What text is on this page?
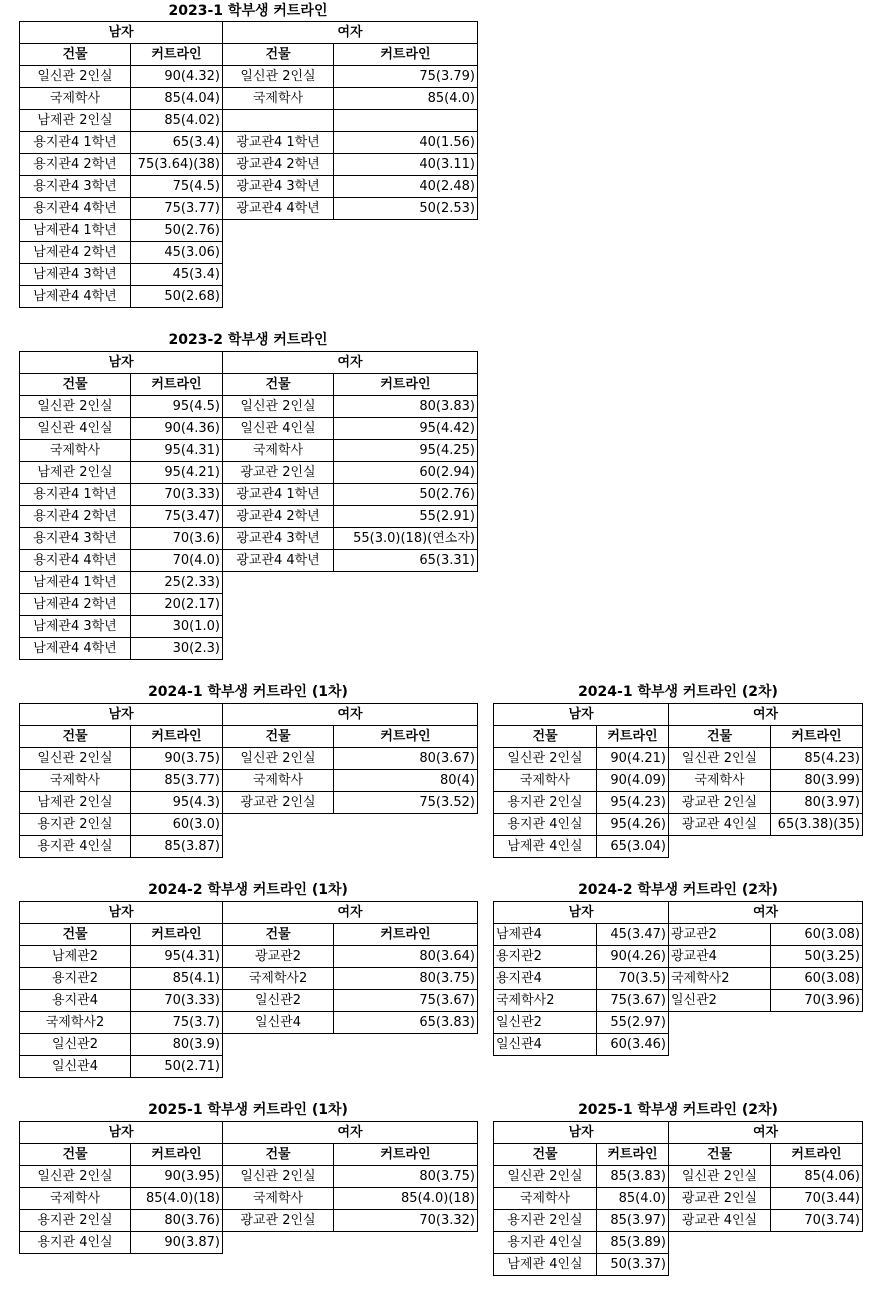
2023-1 학부생 커트라인
남자		여자	
건물	커트라인	건물	커트라인
일신관 2인실	90(4.32)	일신관 2인실	75(3.79)
국제학사	85(4.04)	국제학사	85(4.0)
남제관 2인실	85(4.02)		
용지관4 1학년	65(3.4)	광교관4 1학년	40(1.56)
용지관4 2학년	75(3.64)(38)	광교관4 2학년	40(3.11)
용지관4 3학년	75(4.5)	광교관4 3학년	40(2.48)
용지관4 4학년	75(3.77)	광교관4 4학년	50(2.53)
남제관4 1학년	50(2.76)		
남제관4 2학년	45(3.06)		
남제관4 3학년	45(3.4)		
남제관4 4학년	50(2.68)		
2023-2 학부생 커트라인
남자		여자	
건물	커트라인	건물	커트라인
일신관 2인실	95(4.5)	일신관 2인실	80(3.83)
일신관 4인실	90(4.36)	일신관 4인실	95(4.42)
국제학사	95(4.31)	국제학사	95(4.25)
남제관 2인실	95(4.21)	광교관 2인실	60(2.94)
용지관4 1학년	70(3.33)	광교관4 1학년	50(2.76)
용지관4 2학년	75(3.47)	광교관4 2학년	55(2.91)
용지관4 3학년	70(3.6)	광교관4 3학년	55(3.0)(18)(연소자)
용지관4 4학년	70(4.0)	광교관4 4학년	65(3.31)
남제관4 1학년	25(2.33)		
남제관4 2학년	20(2.17)		
남제관4 3학년	30(1.0)		
남제관4 4학년	30(2.3)		
2024-1 학부생 커트라인 (1차)
남자		여자	
건물	커트라인	건물	커트라인
일신관 2인실	90(3.75)	일신관 2인실	80(3.67)
국제학사	85(3.77)	국제학사	80(4)
남제관 2인실	95(4.3)	광교관 2인실	75(3.52)
용지관 2인실	60(3.0)		
용지관 4인실	85(3.87)		
2024-1 학부생 커트라인 (2차)
남자		여자	
건물	커트라인	건물	커트라인
일신관 2인실	90(4.21)	일신관 2인실	85(4.23)
국제학사	90(4.09)	국제학사	80(3.99)
용지관 2인실	95(4.23)	광교관 2인실	80(3.97)
용지관 4인실	95(4.26)	광교관 4인실	65(3.38)(35)
남제관 4인실	65(3.04)		
2024-2 학부생 커트라인 (1차)
남자		여자	
건물	커트라인	건물	커트라인
남제관2	95(4.31)	광교관2	80(3.64)
용지관2	85(4.1)	국제학사2	80(3.75)
용지관4	70(3.33)	일신관2	75(3.67)
국제학사2	75(3.7)	일신관4	65(3.83)
일신관2	80(3.9)		
일신관4	50(2.71)		
2024-2 학부생 커트라인 (2차)
남자		여자	
남제관4	45(3.47)	광교관2	60(3.08)
용지관2	90(4.26)	광교관4	50(3.25)
용지관4	70(3.5)	국제학사2	60(3.08)
국제학사2	75(3.67)	일신관2	70(3.96)
일신관2	55(2.97)		
일신관4	60(3.46)		
2025-1 학부생 커트라인 (1차)
남자		여자	
건물	커트라인	건물	커트라인
일신관 2인실	90(3.95)	일신관 2인실	80(3.75)
국제학사	85(4.0)(18)	국제학사	85(4.0)(18)
용지관 2인실	80(3.76)	광교관 2인실	70(3.32)
용지관 4인실	90(3.87)		
2025-1 학부생 커트라인 (2차)
남자		여자	
건물	커트라인	건물	커트라인
일신관 2인실	85(3.83)	일신관 2인실	85(4.06)
국제학사	85(4.0)	광교관 2인실	70(3.44)
용지관 2인실	85(3.97)	광교관 4인실	70(3.74)
용지관 4인실	85(3.89)		
남제관 4인실	50(3.37)		
